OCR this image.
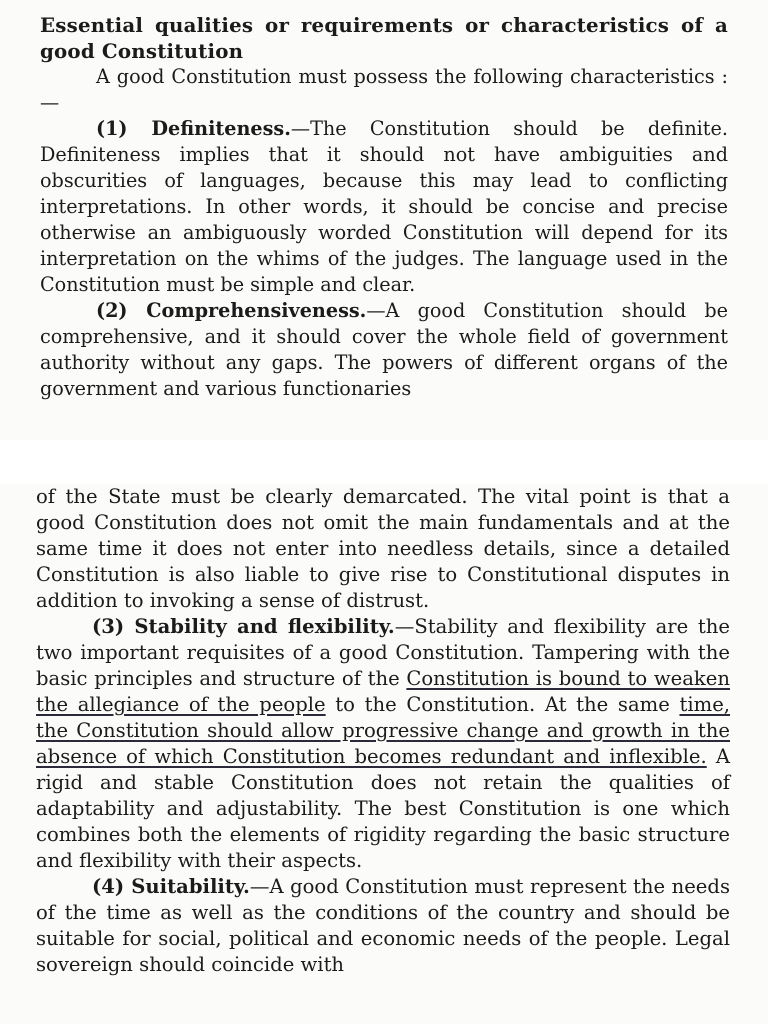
Essential qualities or requirements or characteristics of a good Constitution

A good Constitution must possess the following characteristics :—

(1) Definiteness.—The Constitution should be definite. Definiteness implies that it should not have ambiguities and obscurities of languages, because this may lead to conflicting interpretations. In other words, it should be concise and precise otherwise an ambiguously worded Constitution will depend for its interpretation on the whims of the judges. The language used in the Constitution must be simple and clear.

(2) Comprehensiveness.—A good Constitution should be comprehensive, and it should cover the whole field of government authority without any gaps. The powers of different organs of the government and various functionaries

of the State must be clearly demarcated. The vital point is that a good Constitution does not omit the main fundamentals and at the same time it does not enter into needless details, since a detailed Constitution is also liable to give rise to Constitutional disputes in addition to invoking a sense of distrust.

(3) Stability and flexibility.—Stability and flexibility are the two important requisites of a good Constitution. Tampering with the basic principles and structure of the Constitution is bound to weaken the allegiance of the people to the Constitution. At the same time, the Constitution should allow progressive change and growth in the absence of which Constitution becomes redundant and inflexible. A rigid and stable Constitution does not retain the qualities of adaptability and adjustability. The best Constitution is one which combines both the elements of rigidity regarding the basic structure and flexibility with their aspects.

(4) Suitability.—A good Constitution must represent the needs of the time as well as the conditions of the country and should be suitable for social, political and economic needs of the people. Legal sovereign should coincide with
